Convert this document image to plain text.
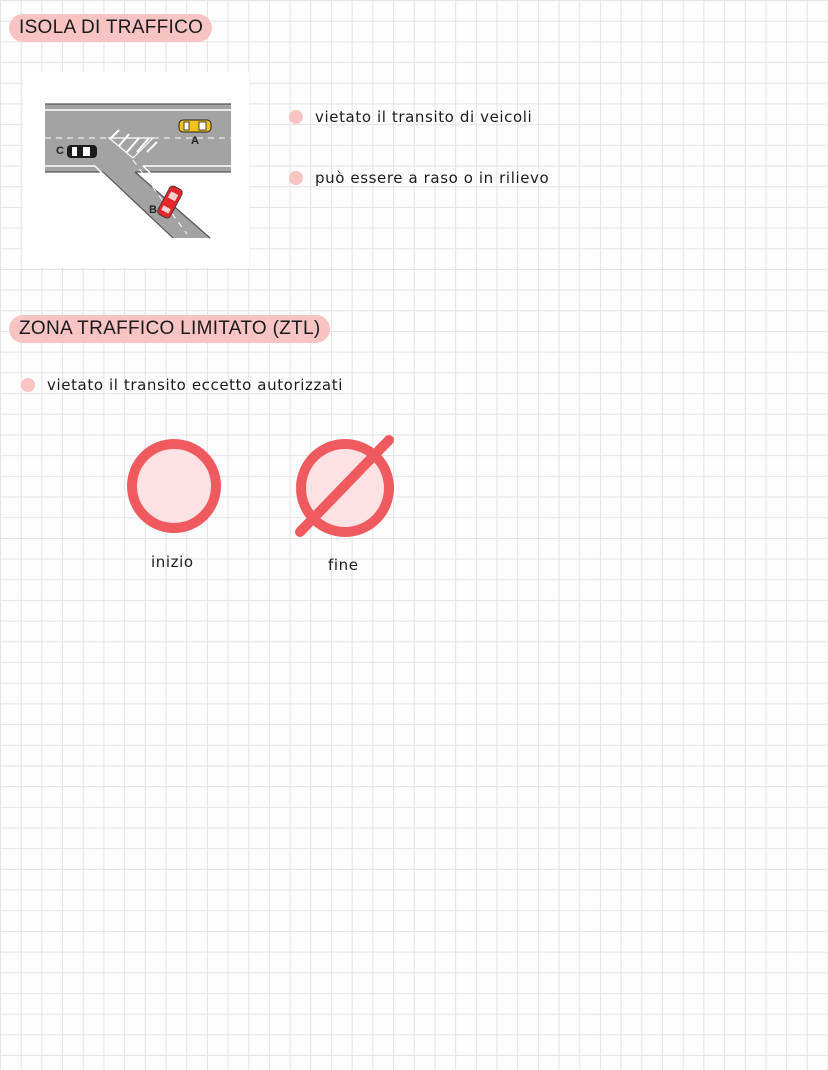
ISOLA DI TRAFFICO
A
C
B
vietato il transito di veicoli
può essere a raso o in rilievo
ZONA TRAFFICO LIMITATO (ZTL)
vietato il transito eccetto autorizzati
inizio	fine
